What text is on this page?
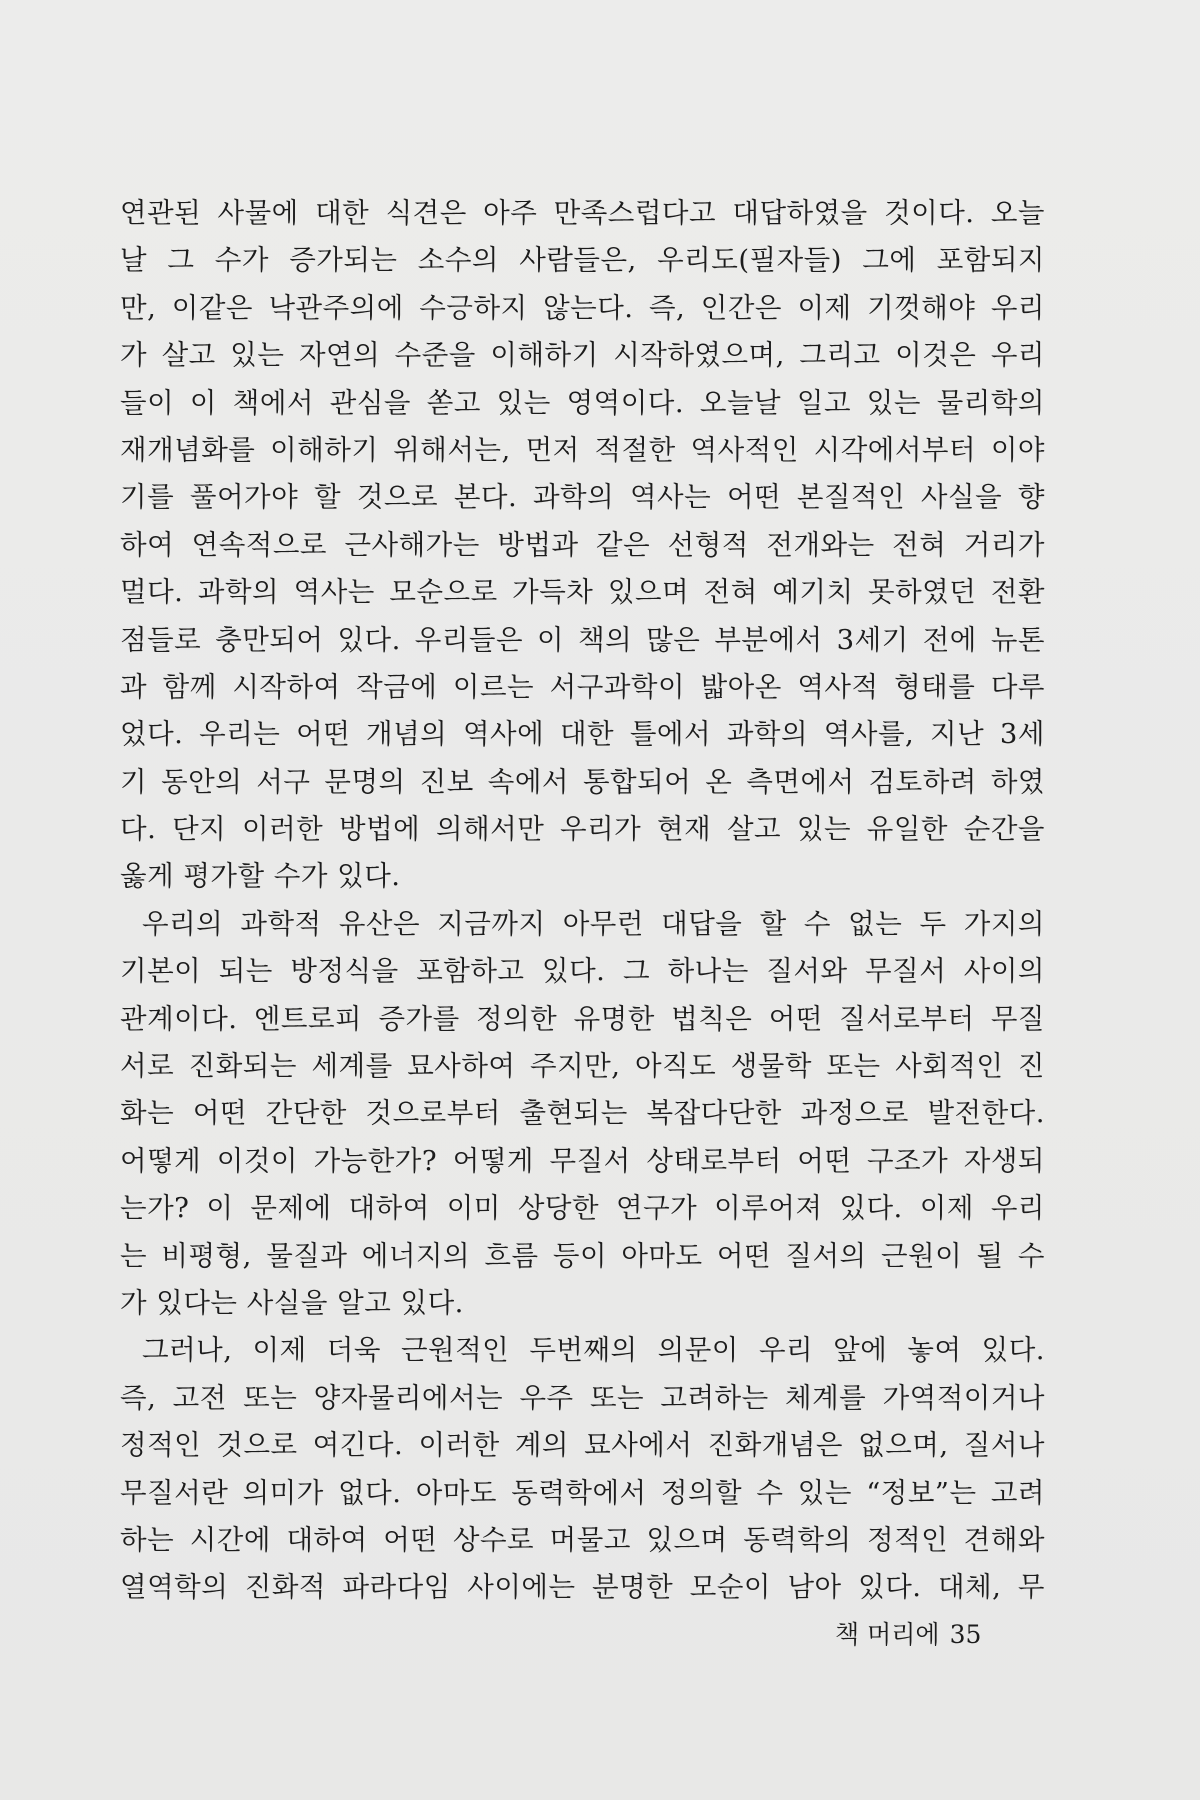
연관된 사물에 대한 식견은 아주 만족스럽다고 대답하였을 것이다. 오늘
날 그 수가 증가되는 소수의 사람들은, 우리도(필자들) 그에 포함되지
만, 이같은 낙관주의에 수긍하지 않는다. 즉, 인간은 이제 기껏해야 우리
가 살고 있는 자연의 수준을 이해하기 시작하였으며, 그리고 이것은 우리
들이 이 책에서 관심을 쏟고 있는 영역이다. 오늘날 일고 있는 물리학의
재개념화를 이해하기 위해서는, 먼저 적절한 역사적인 시각에서부터 이야
기를 풀어가야 할 것으로 본다. 과학의 역사는 어떤 본질적인 사실을 향
하여 연속적으로 근사해가는 방법과 같은 선형적 전개와는 전혀 거리가
멀다. 과학의 역사는 모순으로 가득차 있으며 전혀 예기치 못하였던 전환
점들로 충만되어 있다. 우리들은 이 책의 많은 부분에서 3세기 전에 뉴톤
과 함께 시작하여 작금에 이르는 서구과학이 밟아온 역사적 형태를 다루
었다. 우리는 어떤 개념의 역사에 대한 틀에서 과학의 역사를, 지난 3세
기 동안의 서구 문명의 진보 속에서 통합되어 온 측면에서 검토하려 하였
다. 단지 이러한 방법에 의해서만 우리가 현재 살고 있는 유일한 순간을
옳게 평가할 수가 있다.
우리의 과학적 유산은 지금까지 아무런 대답을 할 수 없는 두 가지의
기본이 되는 방정식을 포함하고 있다. 그 하나는 질서와 무질서 사이의
관계이다. 엔트로피 증가를 정의한 유명한 법칙은 어떤 질서로부터 무질
서로 진화되는 세계를 묘사하여 주지만, 아직도 생물학 또는 사회적인 진
화는 어떤 간단한 것으로부터 출현되는 복잡다단한 과정으로 발전한다.
어떻게 이것이 가능한가? 어떻게 무질서 상태로부터 어떤 구조가 자생되
는가? 이 문제에 대하여 이미 상당한 연구가 이루어져 있다. 이제 우리
는 비평형, 물질과 에너지의 흐름 등이 아마도 어떤 질서의 근원이 될 수
가 있다는 사실을 알고 있다.
그러나, 이제 더욱 근원적인 두번째의 의문이 우리 앞에 놓여 있다.
즉, 고전 또는 양자물리에서는 우주 또는 고려하는 체계를 가역적이거나
정적인 것으로 여긴다. 이러한 계의 묘사에서 진화개념은 없으며, 질서나
무질서란 의미가 없다. 아마도 동력학에서 정의할 수 있는 “정보”는 고려
하는 시간에 대하여 어떤 상수로 머물고 있으며 동력학의 정적인 견해와
열역학의 진화적 파라다임 사이에는 분명한 모순이 남아 있다. 대체, 무
책 머리에 35
